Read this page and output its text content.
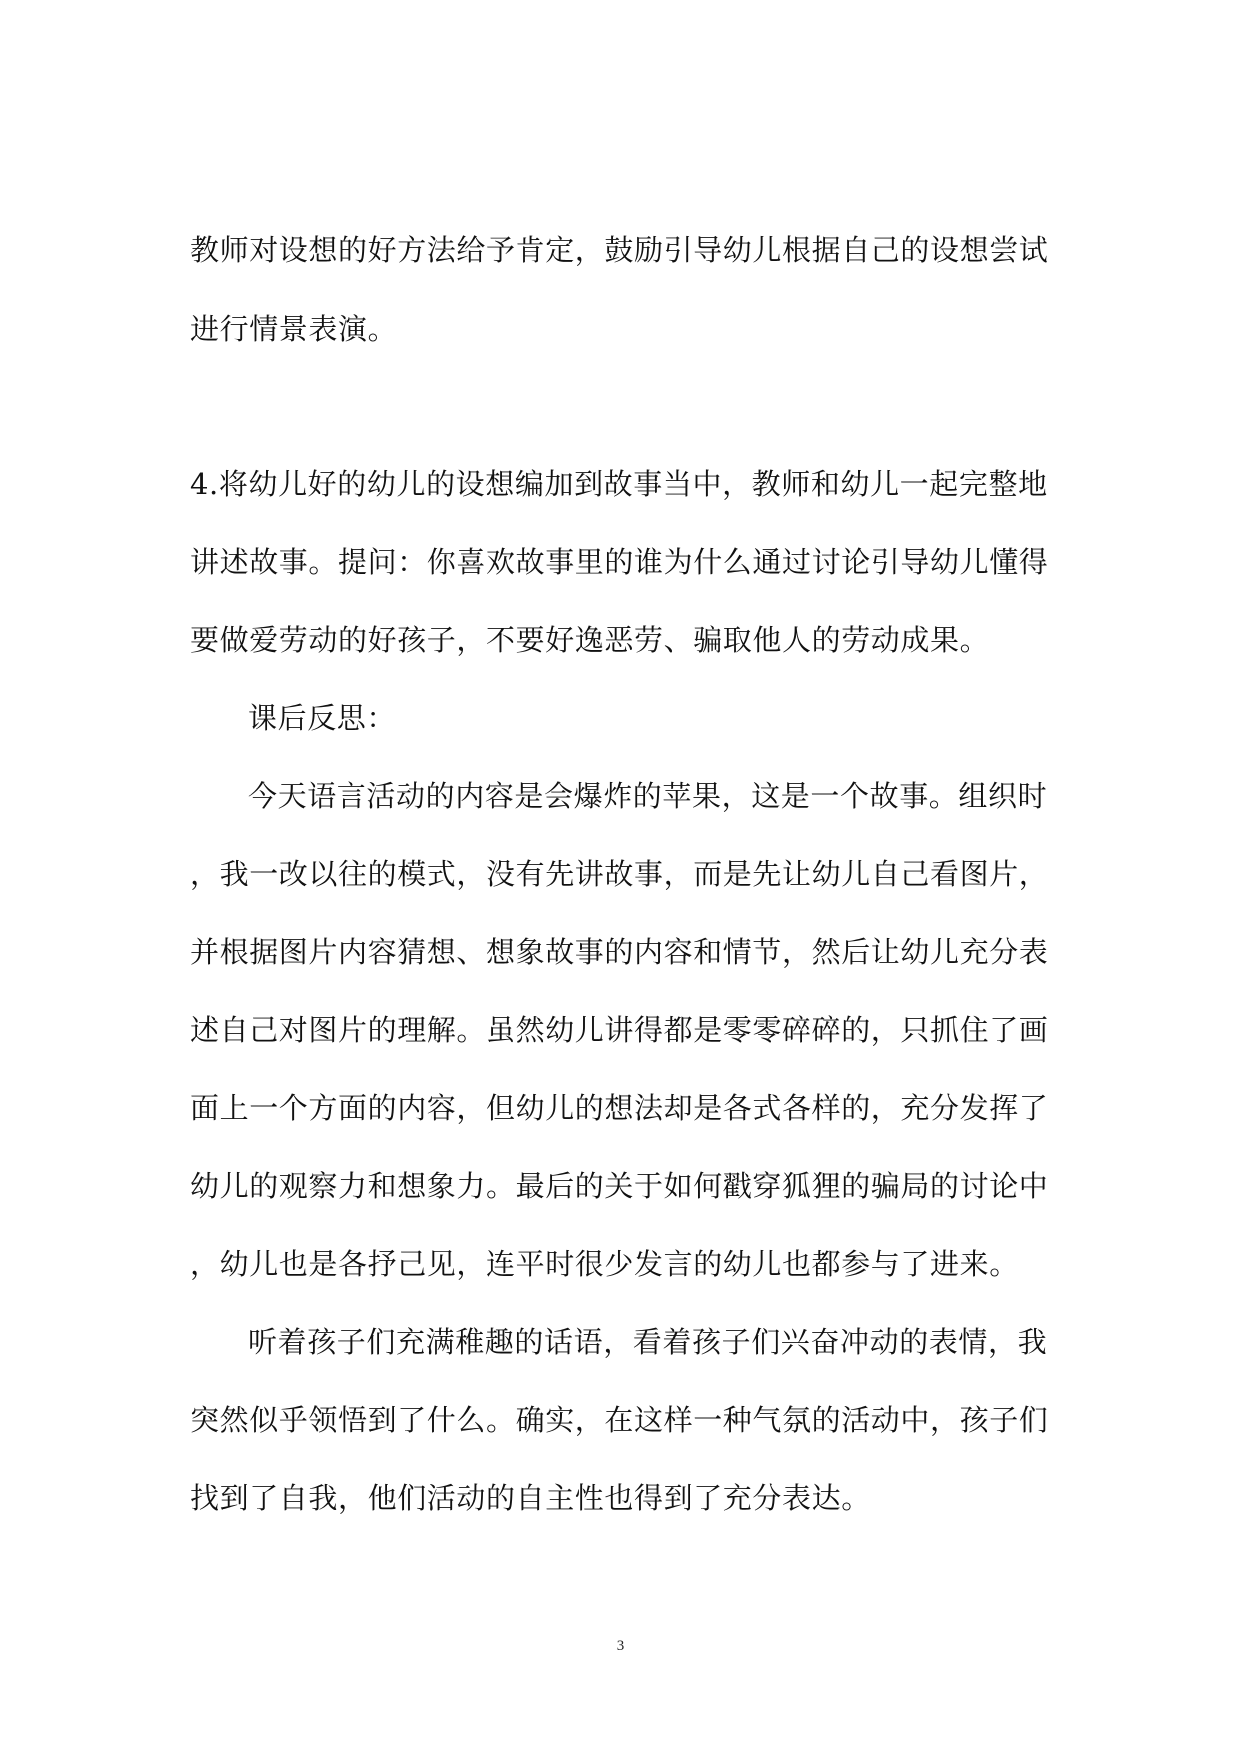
教师对设想的好方法给予肯定，鼓励引导幼儿根据自己的设想尝试
进行情景表演。
4.将幼儿好的幼儿的设想编加到故事当中，教师和幼儿一起完整地
讲述故事。提问：你喜欢故事里的谁为什么通过讨论引导幼儿懂得
要做爱劳动的好孩子，不要好逸恶劳、骗取他人的劳动成果。
课后反思：
今天语言活动的内容是会爆炸的苹果，这是一个故事。组织时
，我一改以往的模式，没有先讲故事，而是先让幼儿自己看图片，
并根据图片内容猜想、想象故事的内容和情节，然后让幼儿充分表
述自己对图片的理解。虽然幼儿讲得都是零零碎碎的，只抓住了画
面上一个方面的内容，但幼儿的想法却是各式各样的，充分发挥了
幼儿的观察力和想象力。最后的关于如何戳穿狐狸的骗局的讨论中
，幼儿也是各抒己见，连平时很少发言的幼儿也都参与了进来。
听着孩子们充满稚趣的话语，看着孩子们兴奋冲动的表情，我
突然似乎领悟到了什么。确实，在这样一种气氛的活动中，孩子们
找到了自我，他们活动的自主性也得到了充分表达。
3
